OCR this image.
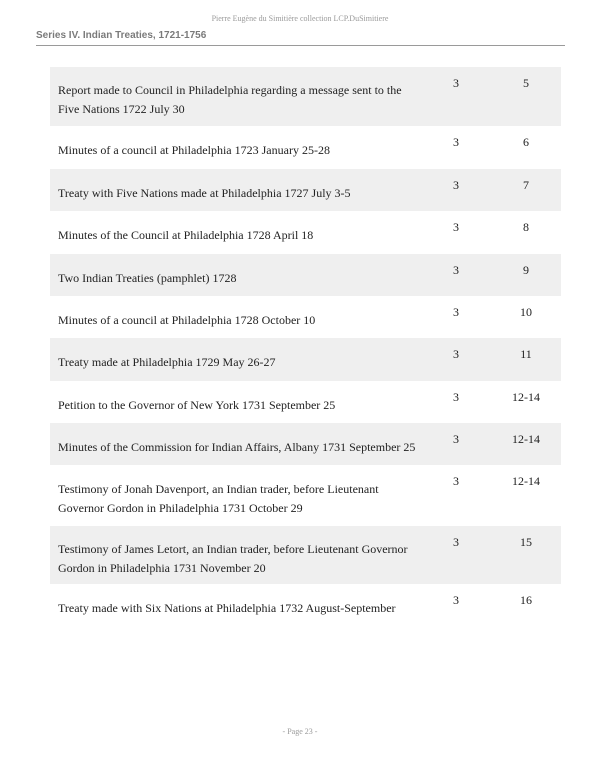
Pierre Eugène du Simitière collection LCP.DuSimitiere
Series IV. Indian Treaties, 1721-1756
Report made to Council in Philadelphia regarding a message sent to the Five Nations 1722 July 30
3	5
Minutes of a council at Philadelphia 1723 January 25-28
3	6
Treaty with Five Nations made at Philadelphia 1727 July 3-5
3	7
Minutes of the Council at Philadelphia 1728 April 18
3	8
Two Indian Treaties (pamphlet) 1728
3	9
Minutes of a council at Philadelphia 1728 October 10
3	10
Treaty made at Philadelphia 1729 May 26-27
3	11
Petition to the Governor of New York 1731 September 25
3	12-14
Minutes of the Commission for Indian Affairs, Albany 1731 September 25
3	12-14
Testimony of Jonah Davenport, an Indian trader, before Lieutenant Governor Gordon in Philadelphia 1731 October 29
3	12-14
Testimony of James Letort, an Indian trader, before Lieutenant Governor Gordon in Philadelphia 1731 November 20
3	15
Treaty made with Six Nations at Philadelphia 1732 August-September
3	16
- Page 23 -
